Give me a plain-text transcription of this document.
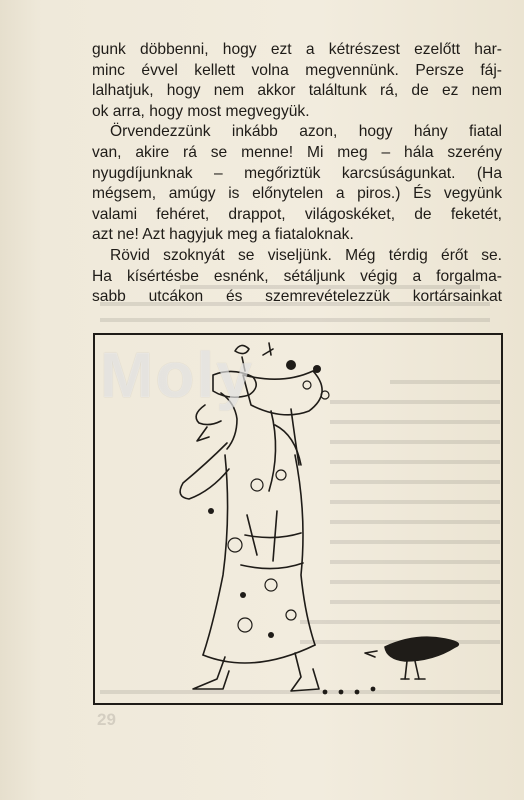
gunk döbbenni, hogy ezt a kétrészest ezelőtt har-
minc évvel kellett volna megvennünk. Persze fáj-
lalhatjuk, hogy nem akkor találtunk rá, de ez nem
ok arra, hogy most megvegyük.
Örvendezzünk inkább azon, hogy hány fiatal
van, akire rá se menne! Mi meg – hála szerény
nyugdíjunknak – megőriztük karcsúságunkat. (Ha
mégsem, amúgy is előnytelen a piros.) És vegyünk
valami fehéret, drappot, világoskéket, de feketét,
azt ne! Azt hagyjuk meg a fiataloknak.
Rövid szoknyát se viseljünk. Még térdig érőt se.
Ha kísértésbe esnénk, sétáljunk végig a forgalma-
sabb utcákon és szemrevételezzük kortársainkat
Moly
29
